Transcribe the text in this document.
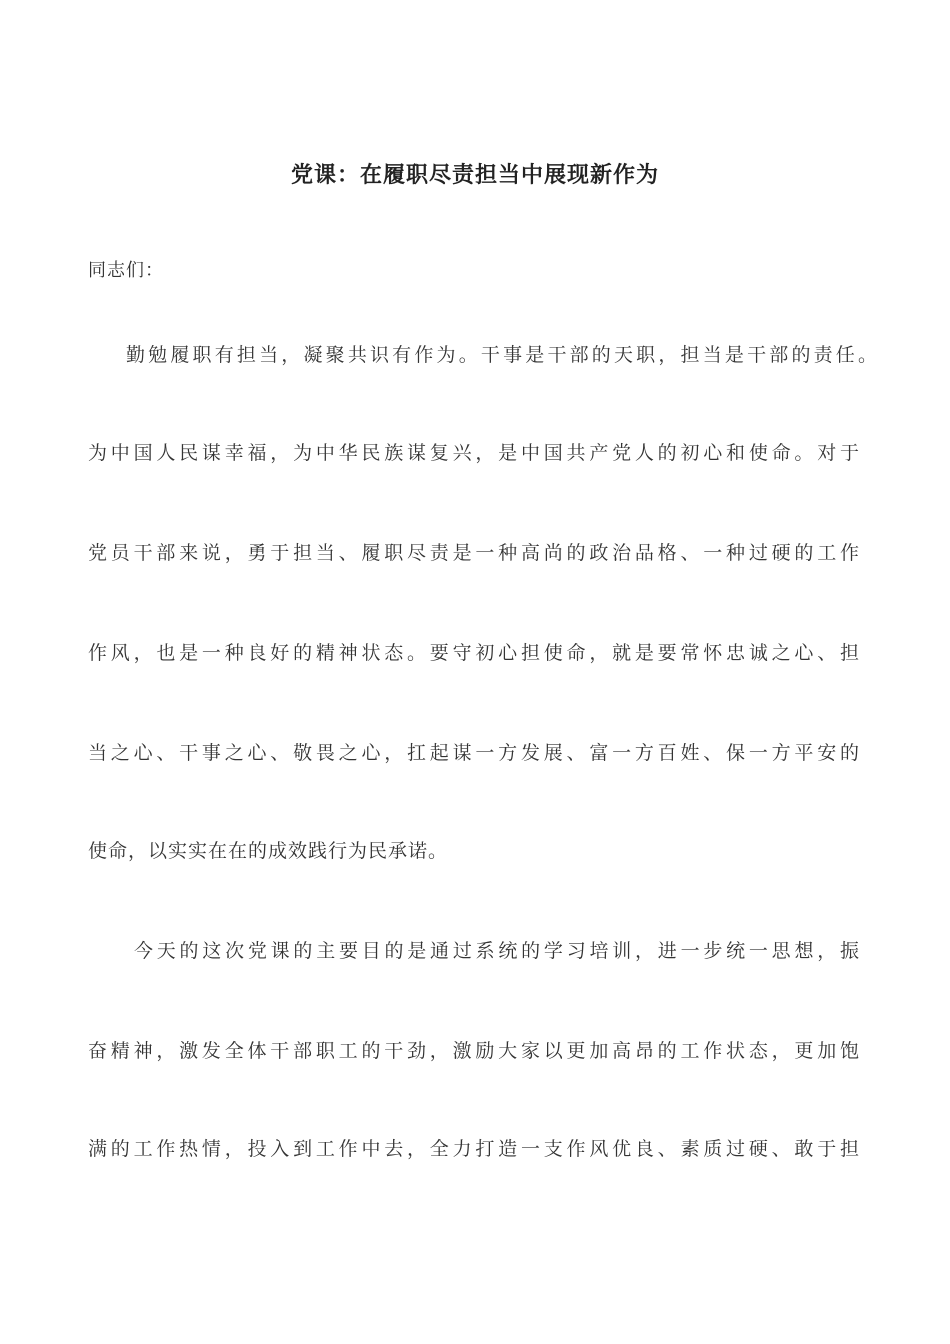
党课：在履职尽责担当中展现新作为
同志们：
勤勉履职有担当，凝聚共识有作为。干事是干部的天职，担当是干部的责任。
为中国人民谋幸福，为中华民族谋复兴，是中国共产党人的初心和使命。对于
党员干部来说，勇于担当、履职尽责是一种高尚的政治品格、一种过硬的工作
作风，也是一种良好的精神状态。要守初心担使命，就是要常怀忠诚之心、担
当之心、干事之心、敬畏之心，扛起谋一方发展、富一方百姓、保一方平安的
使命，以实实在在的成效践行为民承诺。
今天的这次党课的主要目的是通过系统的学习培训，进一步统一思想，振
奋精神，激发全体干部职工的干劲，激励大家以更加高昂的工作状态，更加饱
满的工作热情，投入到工作中去，全力打造一支作风优良、素质过硬、敢于担
